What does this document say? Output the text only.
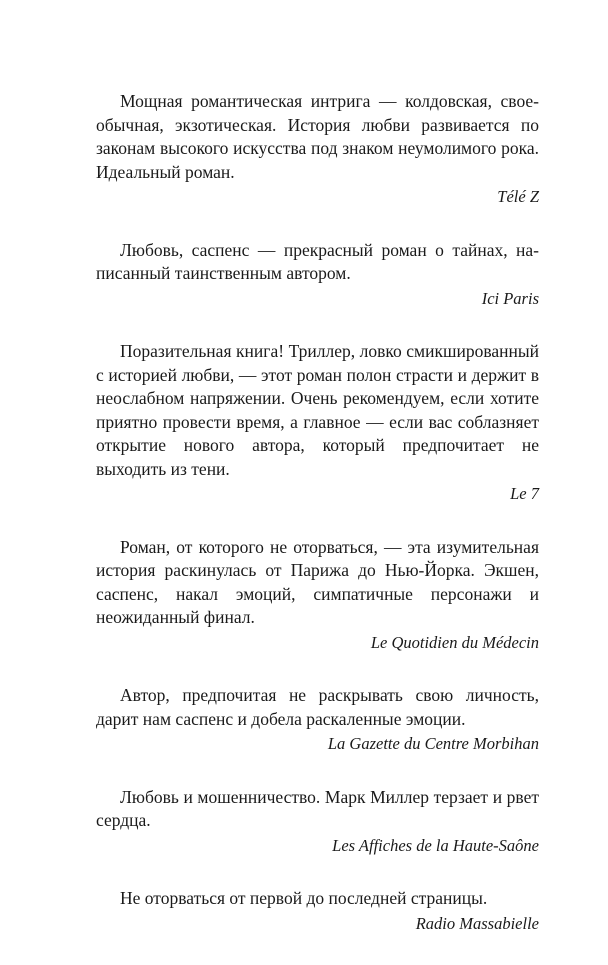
Мощная романтическая интрига — колдовская, своеобычная, экзотическая. История любви развивается по законам высокого искусства под знаком неумолимого рока. Идеальный роман.

Télé Z

Любовь, саспенс — прекрасный роман о тайнах, написанный таинственным автором.

Ici Paris

Поразительная книга! Триллер, ловко смикшированный с историей любви, — этот роман полон страсти и держит в неослабном напряжении. Очень рекомендуем, если хотите приятно провести время, а главное — если вас соблазняет открытие нового автора, который предпочитает не выходить из тени.

Le 7

Роман, от которого не оторваться, — эта изумительная история раскинулась от Парижа до Нью-Йорка. Экшен, саспенс, накал эмоций, симпатичные персонажи и неожиданный финал.

Le Quotidien du Médecin

Автор, предпочитая не раскрывать свою личность, дарит нам саспенс и добела раскаленные эмоции.

La Gazette du Centre Morbihan

Любовь и мошенничество. Марк Миллер терзает и рвет сердца.

Les Affiches de la Haute-Saône

Не оторваться от первой до последней страницы.

Radio Massabielle
